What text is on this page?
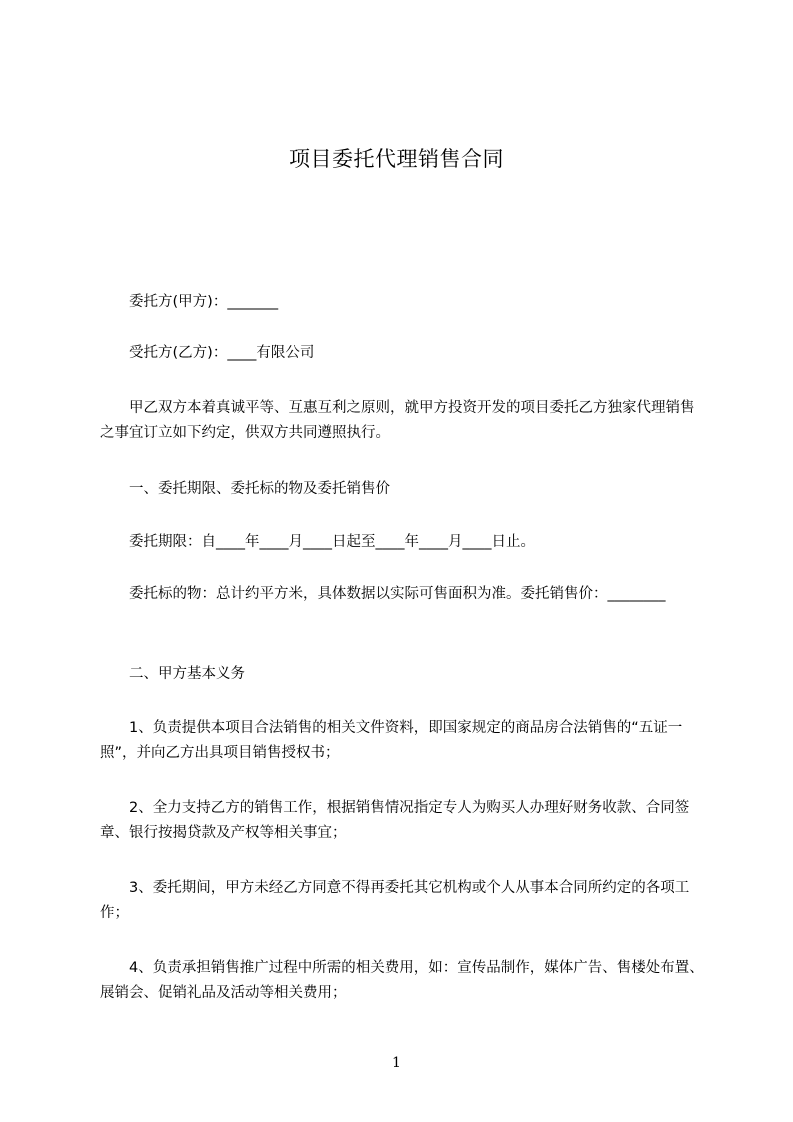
项目委托代理销售合同
　　委托方(甲方)：_______
　　受托方(乙方)：____有限公司
　　甲乙双方本着真诚平等、互惠互利之原则，就甲方投资开发的项目委托乙方独家代理销售之事宜订立如下约定，供双方共同遵照执行。
　　一、委托期限、委托标的物及委托销售价
　　委托期限：自____年____月____日起至____年____月____日止。
　　委托标的物：总计约平方米，具体数据以实际可售面积为准。委托销售价：________
　　二、甲方基本义务
　　1、负责提供本项目合法销售的相关文件资料，即国家规定的商品房合法销售的“五证一照”，并向乙方出具项目销售授权书；
　　2、全力支持乙方的销售工作，根据销售情况指定专人为购买人办理好财务收款、合同签章、银行按揭贷款及产权等相关事宜；
　　3、委托期间，甲方未经乙方同意不得再委托其它机构或个人从事本合同所约定的各项工作；
　　4、负责承担销售推广过程中所需的相关费用，如：宣传品制作，媒体广告、售楼处布置、展销会、促销礼品及活动等相关费用；
1
